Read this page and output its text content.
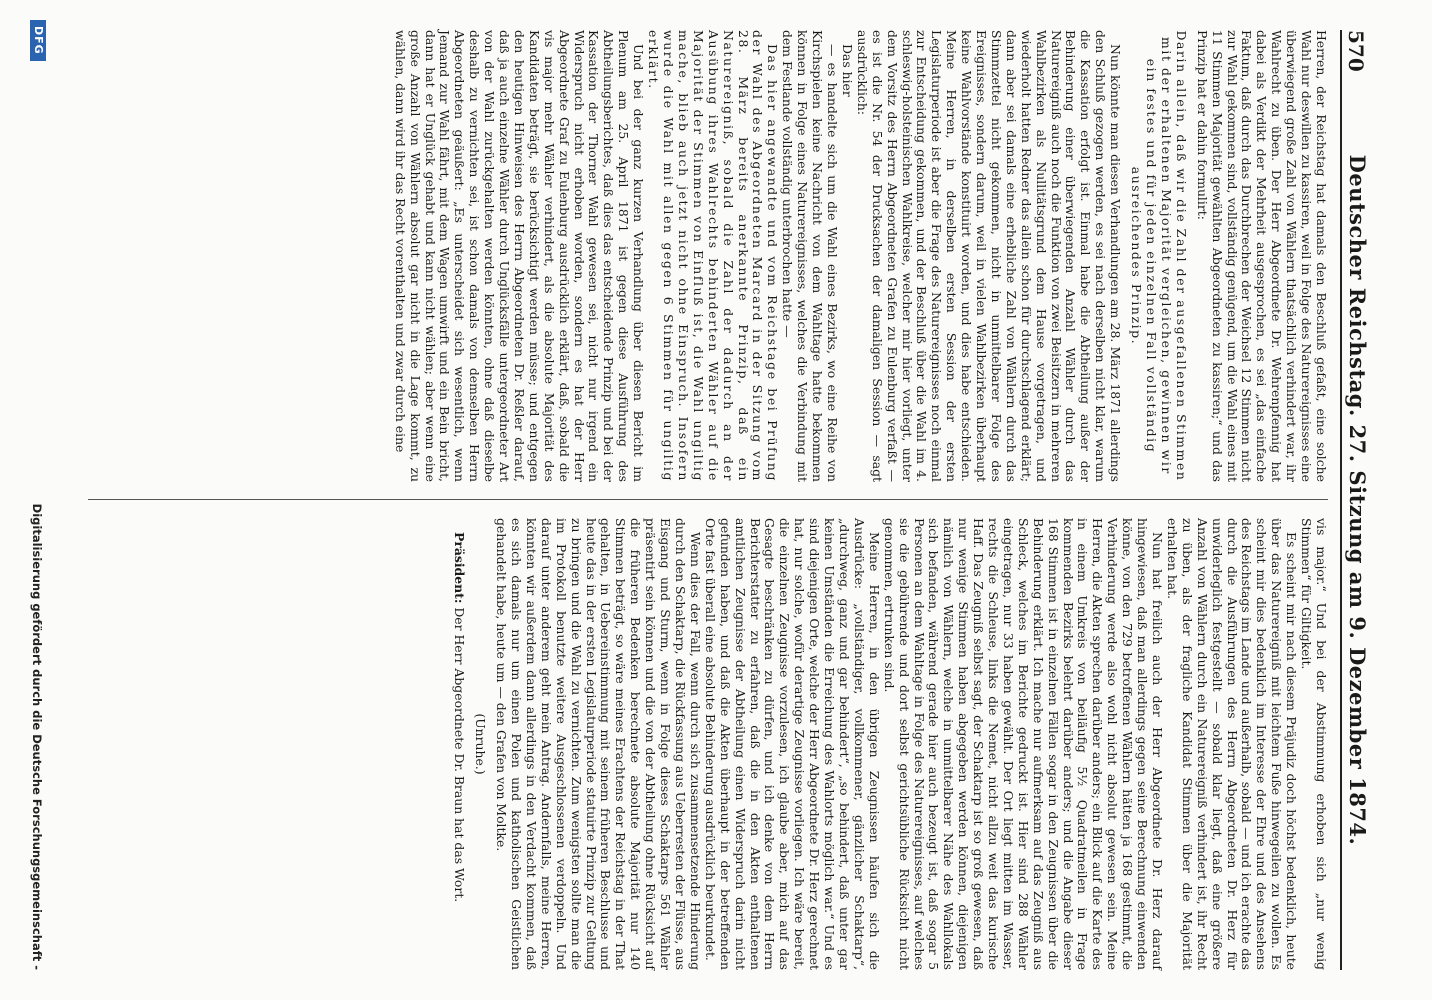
570
Deutscher Reichstag. 27. Sitzung am 9. Dezember 1874.

Herren, der Reichstag hat damals den Beschluß gefaßt, eine solche Wahl nur deswillen zu kassiren, weil in Folge des Naturereignisses eine überwiegend große Zahl von Wählern thatsächlich verhindert war, ihr Wahlrecht zu üben. Der Herr Abgeordnete Dr. Wehrenpfennig hat dabei als Verdikt der Mehrheit ausgesprochen, es sei „das einfache Faktum, daß durch das Durchbrechen der Weichsel 12 Stimmen nicht zur Wahl gekommen sind, vollständig genügend, um die Wahl eines mit 11 Stimmen Majorität gewählten Abgeordneten zu kassiren;“ und das Prinzip hat er dahin formulirt:

Darin allein, daß wir die Zahl der ausgefallenen Stimmen mit der erhaltenen Majorität vergleichen, gewinnen wir ein festes und für jeden einzelnen Fall vollständig ausreichendes Prinzip.

Nun könnte man diesen Verhandlungen am 28. März 1871 allerdings den Schluß gezogen werden, es sei nach derselben nicht klar, warum die Kassation erfolgt ist. Einmal habe die Abtheilung außer der Behinderung einer überwiegenden Anzahl Wähler durch das Naturereigniß auch noch die Funktion von zwei Beisitzern in mehreren Wahlbezirken als Nullitätsgrund dem Hause vorgetragen, und wiederholt hatten Redner das allein schon für durchschlagend erklärt; dann aber sei damals eine erhebliche Zahl von Wählern durch das Stimmzettel nicht gekommen, nicht in unmittelbarer Folge des Ereignisses, sondern darum, weil in vielen Wahlbezirken überhaupt keine Wahlvorstände konstituirt worden, und dies habe entschieden. Meine Herren, in derselben ersten Session der ersten Legislaturperiode ist aber die Frage des Naturereignisses noch einmal zur Entscheidung gekommen, und der Beschluß über die Wahl im 4. schleswig-holsteinischen Wahlkreise, welcher mir hier vorliegt, unter dem Vorsitz des Herrn Abgeordneten Grafen zu Eulenburg verfaßt — es ist die Nr. 54 der Drucksachen der damaligen Session — sagt ausdrücklich:

Das hier

— es handelte sich um die Wahl eines Bezirks, wo eine Reihe von Kirchspielen keine Nachricht von dem Wahltage hatte bekommen können in Folge eines Naturereignisses, welches die Verbindung mit dem Festlande vollständig unterbrochen hatte —

Das hier angewandte und vom Reichstage bei Prüfung der Wahl des Abgeordneten Marcard in der Sitzung vom 28. März bereits anerkannte Prinzip, daß ein Naturereigniß, sobald die Zahl der dadurch an der Ausübung ihres Wahlrechts behinderten Wähler auf die Majorität der Stimmen von Einfluß ist, die Wahl ungiltig mache, blieb auch jetzt nicht ohne Einspruch. Insofern wurde die Wahl mit allen gegen 6 Stimmen für ungiltig erklärt.

Und bei der ganz kurzen Verhandlung über diesen Bericht im Plenum am 25. April 1871 ist gegen diese Ausführung des Abtheilungsberichtes, daß dies das entscheidende Prinzip und bei der Kassation der Thorner Wahl gewesen sei, nicht nur irgend ein Widerspruch nicht erhoben worden, sondern es hat der Herr Abgeordnete Graf zu Eulenburg ausdrücklich erklärt, daß, sobald die vis major mehr Wähler verhindert, als die absolute Majorität des Kandidaten beträgt, sie berücksichtigt werden müsse; und entgegen den heutigen Hinweisen des Herrn Abgeordneten Dr. Reßler darauf, daß ja auch einzelne Wähler durch Unglücksfälle untergeordneter Art von der Wahl zurückgehalten werden könnten, ohne daß dieselbe deshalb zu vernichten sei, ist schon damals von demselben Herrn Abgeordneten geäußert: „Es unterscheidet sich wesentlich, wenn Jemand zur Wahl fährt, mit dem Wagen umwirft und ein Bein bricht, dann hat er Unglück gehabt und kann nicht wählen; aber wenn eine große Anzahl von Wählern absolut gar nicht in die Lage kommt, zu wählen, dann wird ihr das Recht vorenthalten und zwar durch eine

vis major.“ Und bei der Abstimmung erhoben sich „nur wenig Stimmen“ für Giltigkeit.

Es scheint mir nach diesem Präjudiz doch höchst bedenklich, heute über das Naturereigniß mit leichtem Fuße hinwegeilen zu wollen. Es scheint mir dies bedenklich im Interesse der Ehre und des Ansehens des Reichstags im Lande und außerhalb, sobald — und ich erachte das durch die Ausführungen des Herrn Abgeordneten Dr. Herz für unwiderleglich festgestellt — sobald klar liegt, daß eine größere Anzahl von Wählern durch ein Naturereigniß verhindert ist, ihr Recht zu üben, als der fragliche Kandidat Stimmen über die Majorität erhalten hat.

Nun hat freilich auch der Herr Abgeordnete Dr. Herz darauf hingewiesen, daß man allerdings gegen seine Berechnung einwenden könne, von den 729 betroffenen Wählern hätten ja 168 gestimmt, die Verhinderung werde also wohl nicht absolut gewesen sein. Meine Herren, die Akten sprechen darüber anders; ein Blick auf die Karte des in einem Umkreis von beiläufig 5½ Quadratmeilen in Frage kommenden Bezirks belehrt darüber anders; und die Angabe dieser 168 Stimmen ist in einzelnen Fällen sogar in den Zeugnissen über die Behinderung erklärt. Ich mache nur aufmerksam auf das Zeugniß aus Schleck, welches im Berichte gedruckt ist. Hier sind 288 Wähler eingetragen, nur 33 haben gewählt. Der Ort liegt mitten im Wasser, rechts die Schleuse, links die Nemet, nicht allzu weit das kurische Haff. Das Zeugniß selbst sagt, der Schaktarp ist so groß gewesen, daß nur wenige Stimmen haben abgegeben werden können, diejenigen nämlich von Wählern, welche in unmittelbarer Nähe des Wahllokals sich befanden, während gerade hier auch bezeugt ist, daß sogar 5 Personen an dem Wahltage in Folge des Naturereignisses, auf welches sie die gebührende und dort selbst gerichtsübliche Rücksicht nicht genommen, ertrunken sind.

Meine Herren, in den übrigen Zeugnissen häufen sich die Ausdrücke: „vollständiger, vollkommener, gänzlicher Schaktarp“, „durchweg, ganz und gar behindert“, „so behindert, daß unter gar keinen Umständen die Erreichung des Wahlorts möglich war.“ Und es sind diejenigen Orte, welche der Herr Abgeordnete Dr. Herz gerechnet hat, nur solche, wofür derartige Zeugnisse vorliegen. Ich wäre bereit, die einzelnen Zeugnisse vorzulesen, ich glaube aber, mich auf das Gesagte beschränken zu dürfen, und ich denke von dem Herrn Berichterstatter zu erfahren, daß die in den Akten enthaltenen amtlichen Zeugnisse der Abtheilung einen Widerspruch darin nicht gefunden haben, und daß die Akten überhaupt in der betreffenden Orte fast überall eine absolute Behinderung ausdrücklich beurkundet.

Wenn dies der Fall, wenn durch sich zusammensetzende Hinderung durch den Schaktarp, die Rückfassung aus Ueberresten der Flüsse, aus Eisgang und Sturm, wenn in Folge dieses Schaktarps 561 Wähler präsentirt sein können und die von der Abtheilung ohne Rücksicht auf die früheren Bedenken berechnete absolute Majorität nur 140 Stimmen beträgt, so wäre meines Erachtens der Reichstag in der That gehalten, in Uebereinstimmung mit seinem früheren Beschlusse und heute das in der ersten Legislaturperiode statuirte Prinzip zur Geltung zu bringen und die Wahl zu vernichten. Zum wenigsten sollte man die im Protokoll benutzte weitere Ausgeschlossenen verdoppeln. Und darauf unter anderem geht mein Antrag. Andernfalls, meine Herren, könnten wir außerdem dann allerdings in den Verdacht kommen, daß es sich damals nur um einen Polen und katholischen Geistlichen gehandelt habe, heute um — den Grafen von Moltke.

(Unruhe.)

Präsident: Der Herr Abgeordnete Dr. Braun hat das Wort.

Digitalisierung gefördert durch die Deutsche Forschungsgemeinschaft -
DFG
